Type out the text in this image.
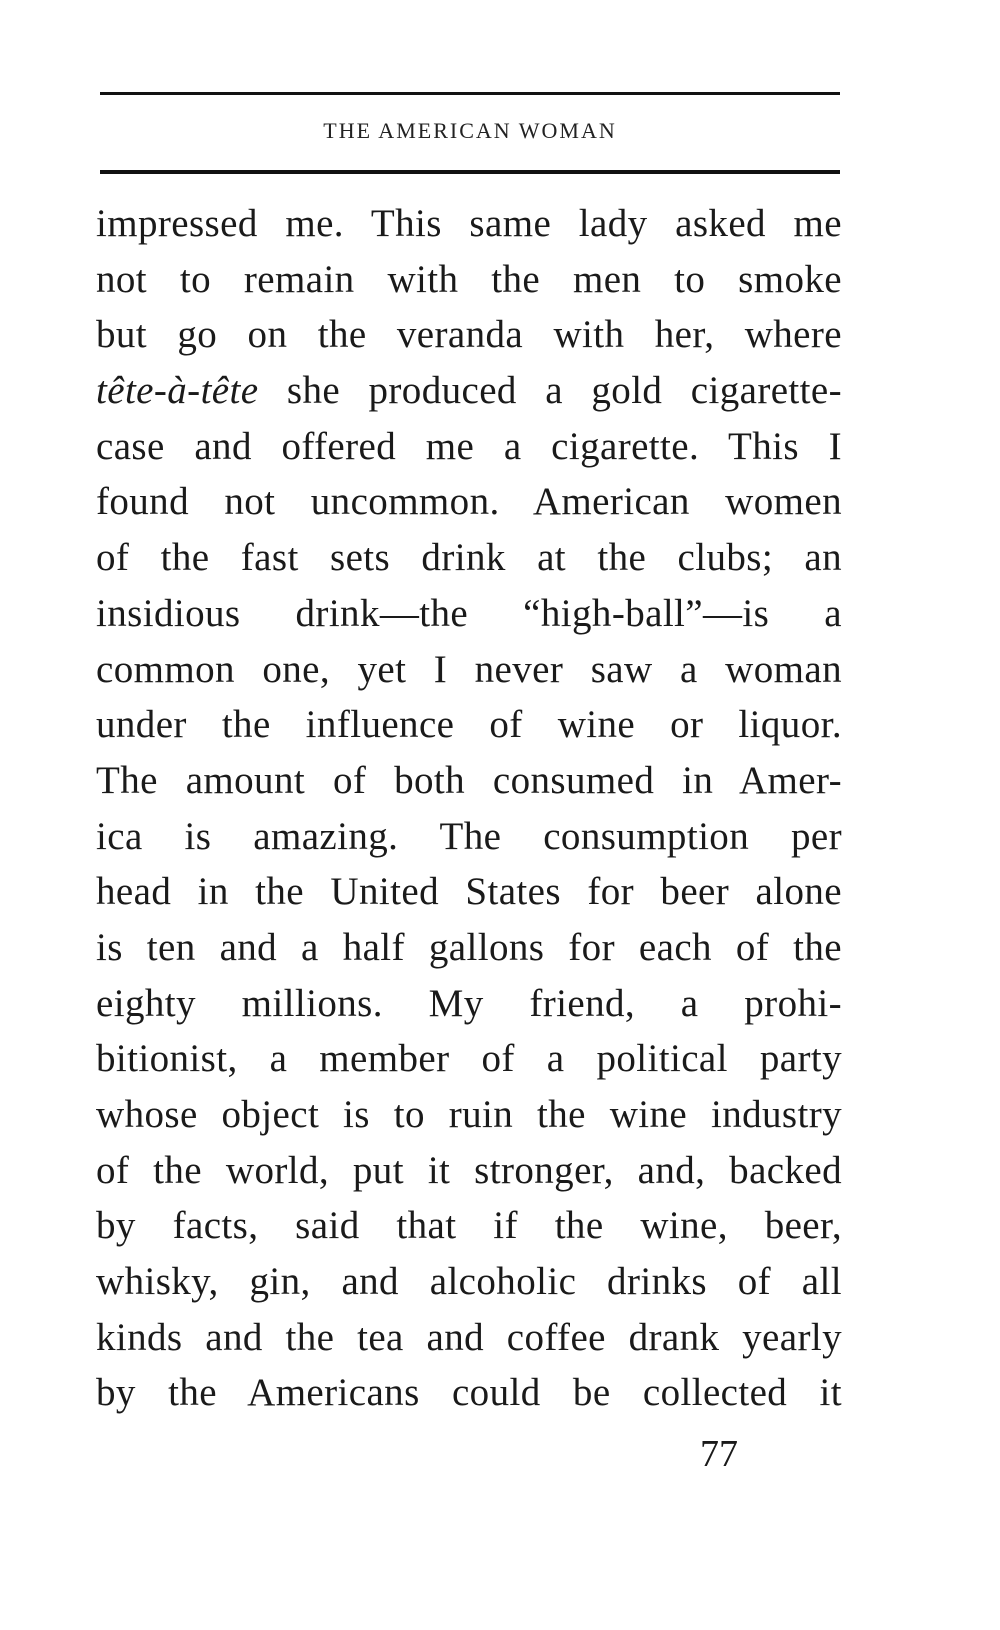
THE AMERICAN WOMAN
impressed me. This same lady asked me
not to remain with the men to smoke
but go on the veranda with her, where
tête-à-tête she produced a gold cigarette-
case and offered me a cigarette. This I
found not uncommon. American women
of the fast sets drink at the clubs; an
insidious drink—the “high-ball”—is a
common one, yet I never saw a woman
under the influence of wine or liquor.
The amount of both consumed in Amer-
ica is amazing. The consumption per
head in the United States for beer alone
is ten and a half gallons for each of the
eighty millions. My friend, a prohi-
bitionist, a member of a political party
whose object is to ruin the wine industry
of the world, put it stronger, and, backed
by facts, said that if the wine, beer,
whisky, gin, and alcoholic drinks of all
kinds and the tea and coffee drank yearly
by the Americans could be collected it
77
